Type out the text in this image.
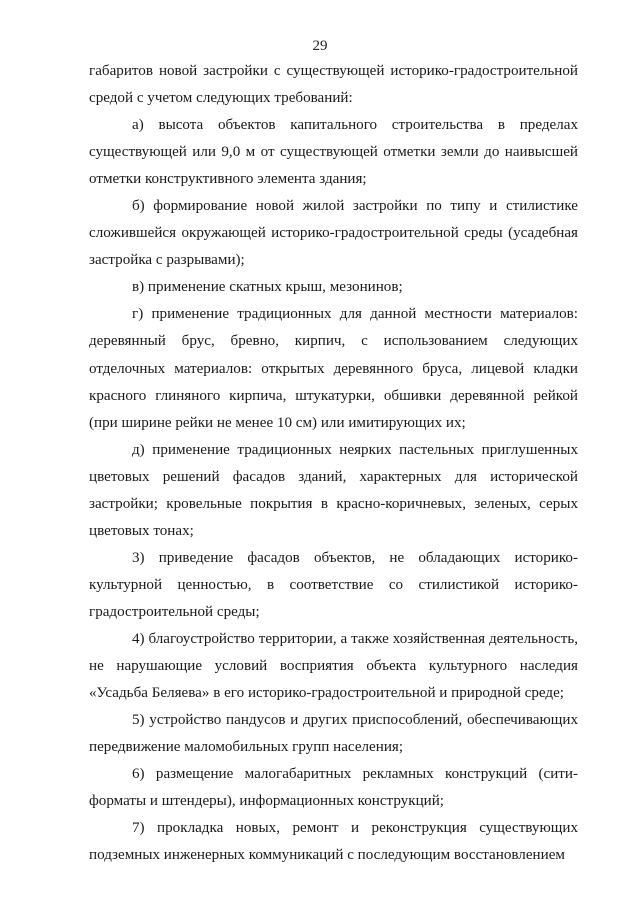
29

габаритов новой застройки с существующей историко-градостроительной средой с учетом следующих требований:

а) высота объектов капитального строительства в пределах существующей или 9,0 м от существующей отметки земли до наивысшей отметки конструктивного элемента здания;

б) формирование новой жилой застройки по типу и стилистике сложившейся окружающей историко-градостроительной среды (усадебная застройка с разрывами);

в) применение скатных крыш, мезонинов;

г) применение традиционных для данной местности материалов: деревянный брус, бревно, кирпич, с использованием следующих отделочных материалов: открытых деревянного бруса, лицевой кладки красного глиняного кирпича, штукатурки, обшивки деревянной рейкой (при ширине рейки не менее 10 см) или имитирующих их;

д) применение традиционных неярких пастельных приглушенных цветовых решений фасадов зданий, характерных для исторической застройки; кровельные покрытия в красно-коричневых, зеленых, серых цветовых тонах;

3) приведение фасадов объектов, не обладающих историко-культурной ценностью, в соответствие со стилистикой историко-градостроительной среды;

4) благоустройство территории, а также хозяйственная деятельность, не нарушающие условий восприятия объекта культурного наследия «Усадьба Беляева» в его историко-градостроительной и природной среде;

5) устройство пандусов и других приспособлений, обеспечивающих передвижение маломобильных групп населения;

6) размещение малогабаритных рекламных конструкций (сити-форматы и штендеры), информационных конструкций;

7) прокладка новых, ремонт и реконструкция существующих подземных инженерных коммуникаций с последующим восстановлением
